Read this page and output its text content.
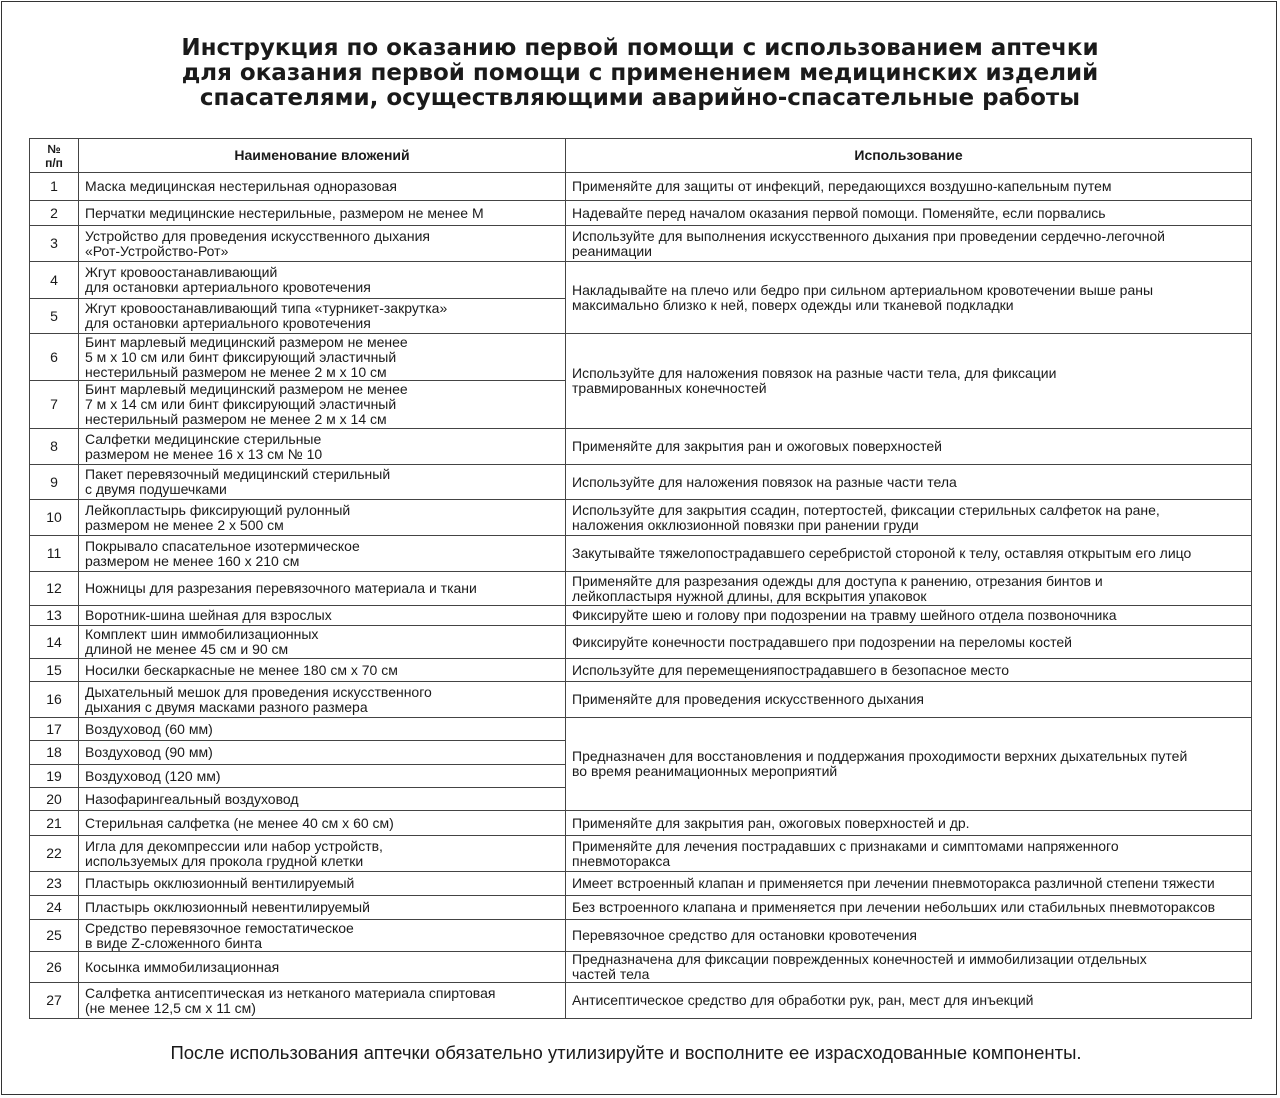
Инструкция по оказанию первой помощи с использованием аптечки
для оказания первой помощи с применением медицинских изделий
спасателями, осуществляющими аварийно-спасательные работы
№
п/п	Наименование вложений	Использование
1	Маска медицинская нестерильная одноразовая	Применяйте для защиты от инфекций, передающихся воздушно-капельным путем
2	Перчатки медицинские нестерильные, размером не менее М	Надевайте перед началом оказания первой помощи. Поменяйте, если порвались
3	Устройство для проведения искусственного дыхания
«Рот-Устройство-Рот»	Используйте для выполнения искусственного дыхания при проведении сердечно-легочной
реанимации
4	Жгут кровоостанавливающий
для остановки артериального кровотечения	Накладывайте на плечо или бедро при сильном артериальном кровотечении выше раны
максимально близко к ней, поверх одежды или тканевой подкладки
5	Жгут кровоостанавливающий типа «турникет-закрутка»
для остановки артериального кровотечения	
6	Бинт марлевый медицинский размером не менее
5 м х 10 см или бинт фиксирующий эластичный
нестерильный размером не менее 2 м х 10 см	Используйте для наложения повязок на разные части тела, для фиксации
травмированных конечностей
7	Бинт марлевый медицинский размером не менее
7 м х 14 см или бинт фиксирующий эластичный
нестерильный размером не менее 2 м х 14 см	
8	Салфетки медицинские стерильные
размером не менее 16 х 13 см № 10	Применяйте для закрытия ран и ожоговых поверхностей
9	Пакет перевязочный медицинский стерильный
с двумя подушечками	Используйте для наложения повязок на разные части тела
10	Лейкопластырь фиксирующий рулонный
размером не менее 2 х 500 см	Используйте для закрытия ссадин, потертостей, фиксации стерильных салфеток на ране,
наложения окклюзионной повязки при ранении груди
11	Покрывало спасательное изотермическое
размером не менее 160 х 210 см	Закутывайте тяжелопострадавшего серебристой стороной к телу, оставляя открытым его лицо
12	Ножницы для разрезания перевязочного материала и ткани	Применяйте для разрезания одежды для доступа к ранению, отрезания бинтов и
лейкопластыря нужной длины, для вскрытия упаковок
13	Воротник-шина шейная для взрослых	Фиксируйте шею и голову при подозрении на травму шейного отдела позвоночника
14	Комплект шин иммобилизационных
длиной не менее 45 см и 90 см	Фиксируйте конечности пострадавшего при подозрении на переломы костей
15	Носилки бескаркасные не менее 180 см х 70 см	Используйте для перемещенияпострадавшего в безопасное место
16	Дыхательный мешок для проведения искусственного
дыхания с двумя масками разного размера	Применяйте для проведения искусственного дыхания
17	Воздуховод (60 мм)	Предназначен для восстановления и поддержания проходимости верхних дыхательных путей
во время реанимационных мероприятий
18	Воздуховод (90 мм)	
19	Воздуховод (120 мм)	
20	Назофарингеальный воздуховод	
21	Стерильная салфетка (не менее 40 см х 60 см)	Применяйте для закрытия ран, ожоговых поверхностей и др.
22	Игла для декомпрессии или набор устройств,
используемых для прокола грудной клетки	Применяйте для лечения пострадавших с признаками и симптомами напряженного
пневмоторакса
23	Пластырь окклюзионный вентилируемый	Имеет встроенный клапан и применяется при лечении пневмоторакса различной степени тяжести
24	Пластырь окклюзионный невентилируемый	Без встроенного клапана и применяется при лечении небольших или стабильных пневмотораксов
25	Средство перевязочное гемостатическое
в виде Z-сложенного бинта	Перевязочное средство для остановки кровотечения
26	Косынка иммобилизационная	Предназначена для фиксации поврежденных конечностей и иммобилизации отдельных
частей тела
27	Салфетка антисептическая из нетканого материала спиртовая
(не менее 12,5 см х 11 см)	Антисептическое средство для обработки рук, ран, мест для инъекций
После использования аптечки обязательно утилизируйте и восполните ее израсходованные компоненты.
